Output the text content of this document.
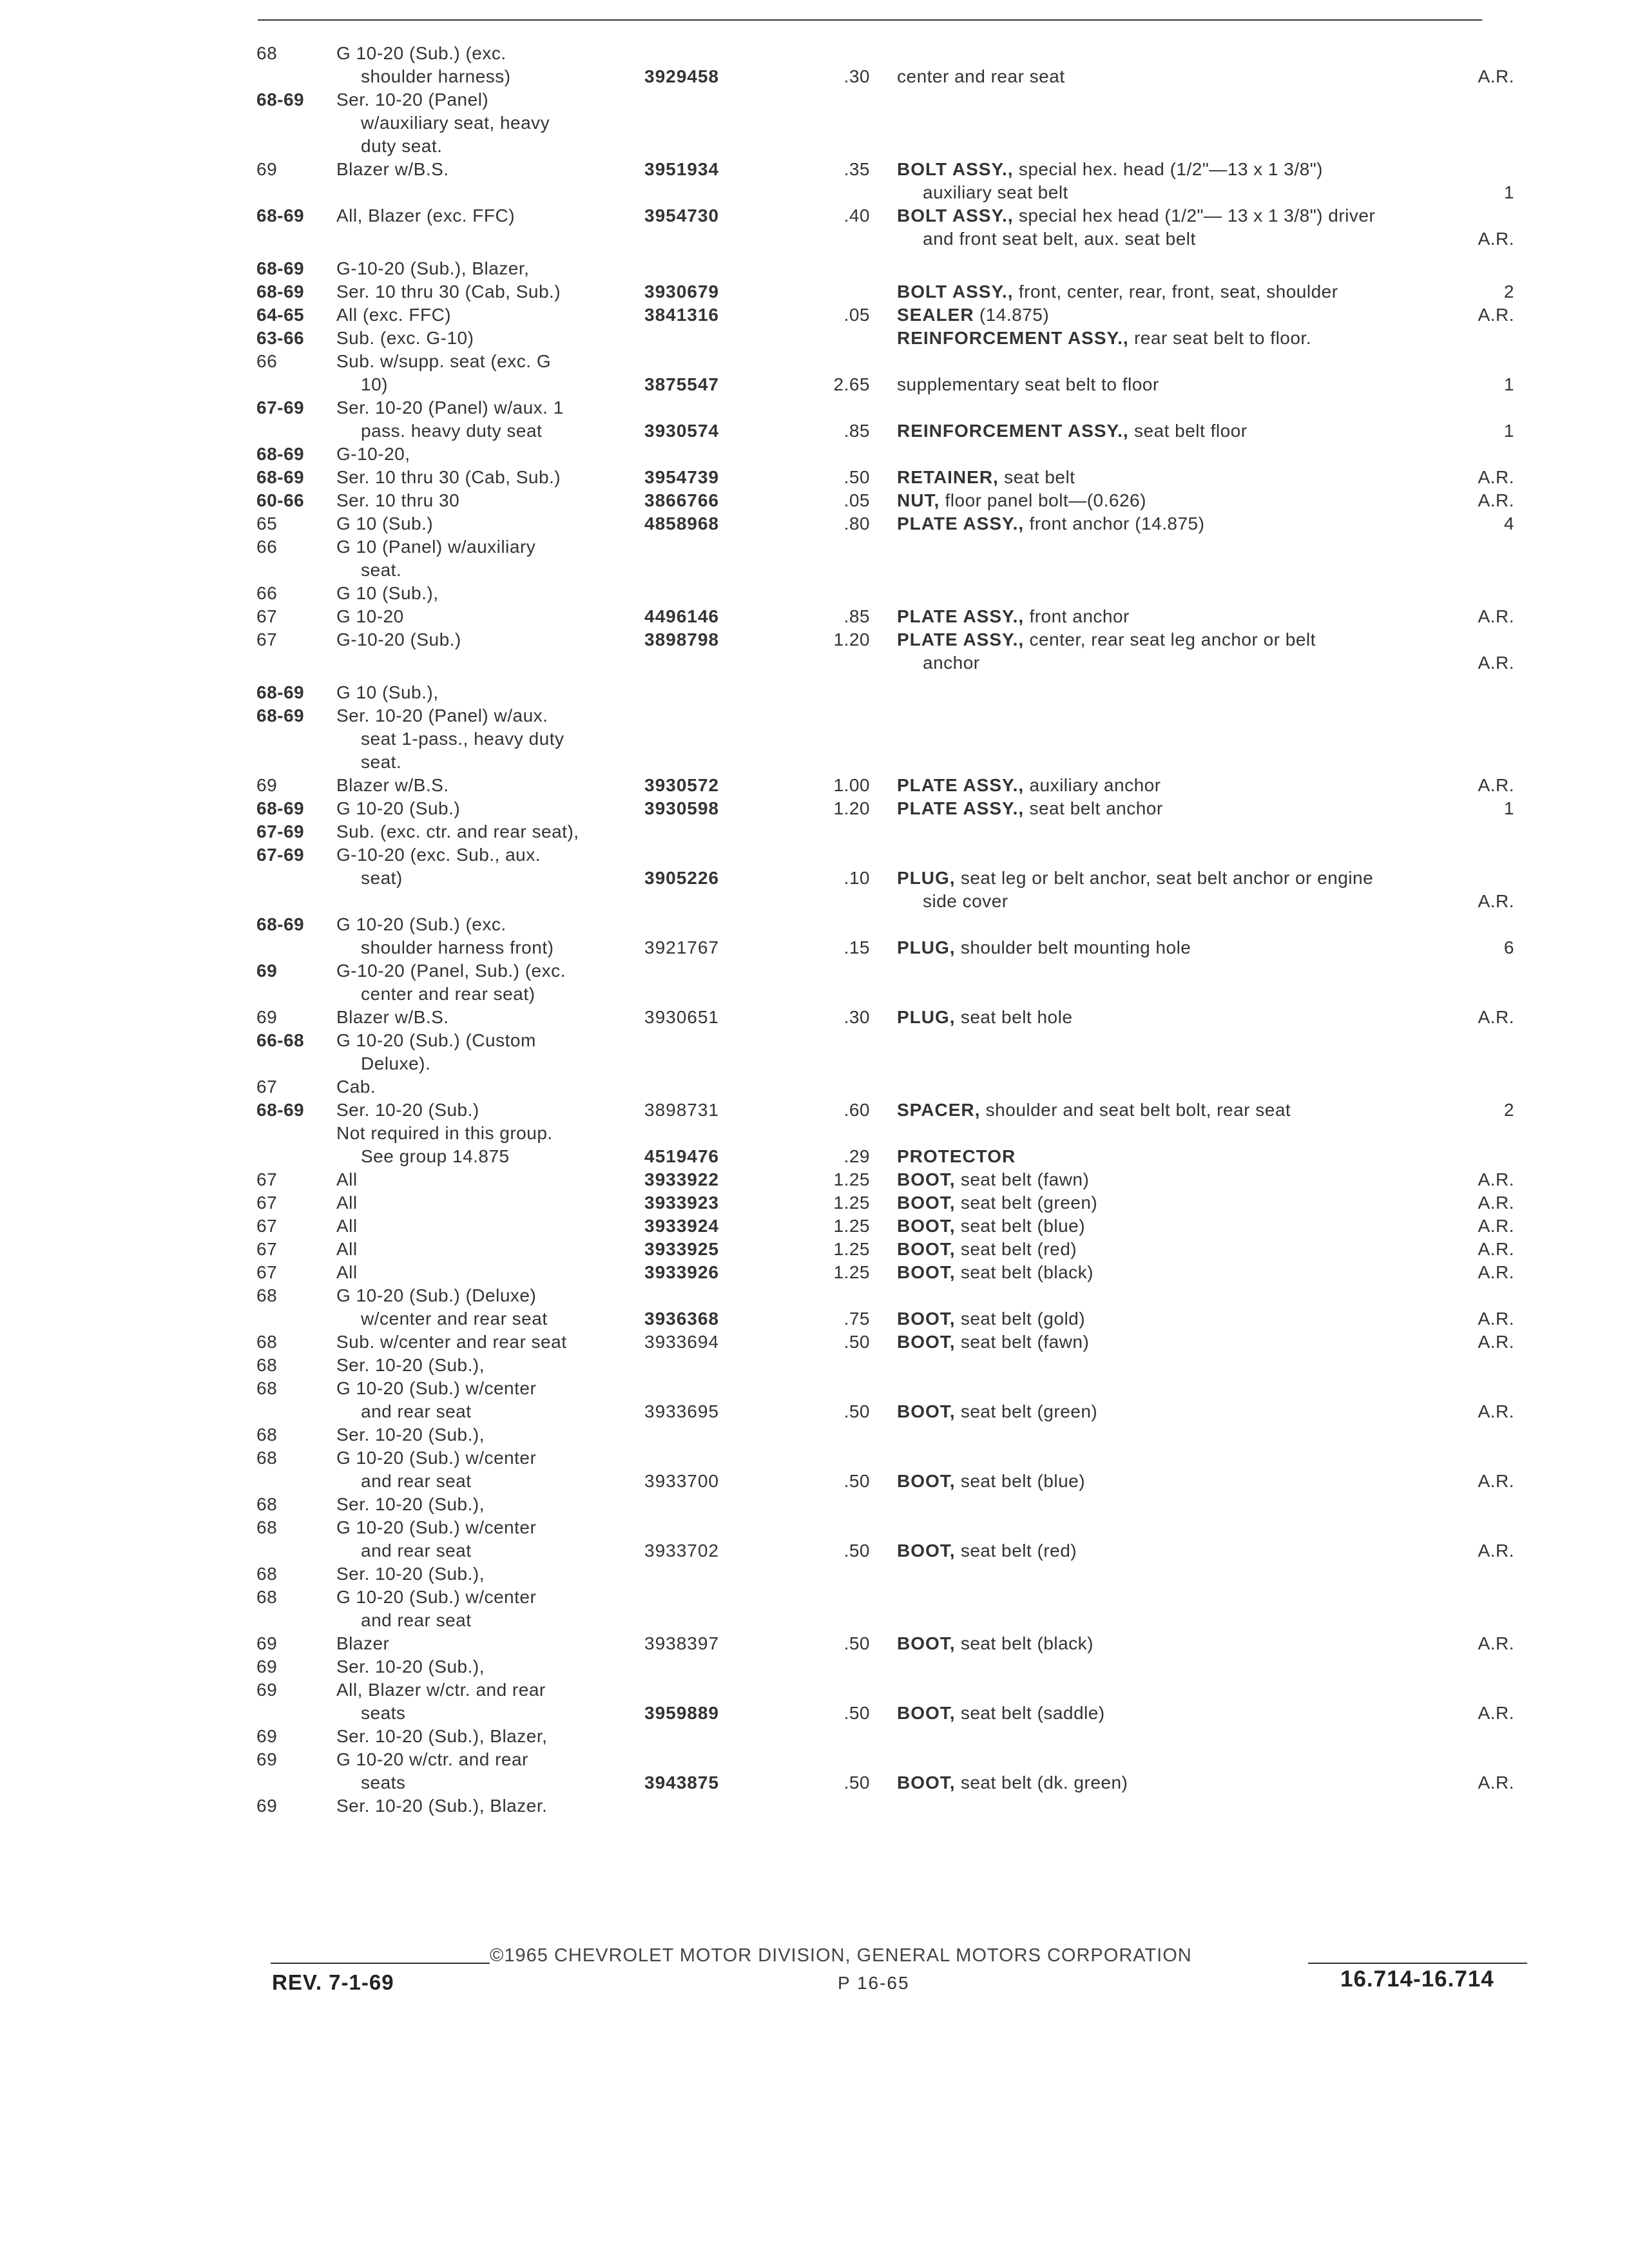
68	G 10-20 (Sub.) (exc.
shoulder harness)	3929458	.30 center and rear seat	A.R.
68-69 Ser. 10-20 (Panel)
w/auxiliary seat, heavy
duty seat.
69	Blazer w/B.S.	3951934	.35 BOLT ASSY., special hex. head (1/2"—13 x 1 3/8")
auxiliary seat belt	1
68-69 All, Blazer (exc. FFC)	3954730	.40 BOLT ASSY., special hex head (1/2"— 13 x 1 3/8") driver
and front seat belt, aux. seat belt	A.R.
68-69 G-10-20 (Sub.), Blazer,
68-69 Ser. 10 thru 30 (Cab, Sub.)	3930679	BOLT ASSY., front, center, rear, front, seat, shoulder	2
64-65 All (exc. FFC)	3841316	.05 SEALER (14.875)	A.R.
63-66 Sub. (exc. G-10)	REINFORCEMENT ASSY., rear seat belt to floor.
66	Sub. w/supp. seat (exc. G
10)	3875547	2.65 supplementary seat belt to floor	1
67-69 Ser. 10-20 (Panel) w/aux. 1
pass. heavy duty seat	3930574	.85 REINFORCEMENT ASSY., seat belt floor	1
68-69 G-10-20,
68-69 Ser. 10 thru 30 (Cab, Sub.)	3954739	.50 RETAINER, seat belt	A.R.
60-66 Ser. 10 thru 30	3866766	.05 NUT, floor panel bolt—(0.626)	A.R.
65	G 10 (Sub.)	4858968	.80 PLATE ASSY., front anchor (14.875)	4
66	G 10 (Panel) w/auxiliary
seat.
66	G 10 (Sub.),
67	G 10-20	4496146	.85 PLATE ASSY., front anchor	A.R.
67	G-10-20 (Sub.)	3898798	1.20 PLATE ASSY., center, rear seat leg anchor or belt
anchor	A.R.
68-69 G 10 (Sub.),
68-69 Ser. 10-20 (Panel) w/aux.
seat 1-pass., heavy duty
seat.
69	Blazer w/B.S.	3930572	1.00 PLATE ASSY., auxiliary anchor	A.R.
68-69 G 10-20 (Sub.)	3930598	1.20 PLATE ASSY., seat belt anchor	1
67-69 Sub. (exc. ctr. and rear seat),
67-69 G-10-20 (exc. Sub., aux.
seat)	3905226	.10 PLUG, seat leg or belt anchor, seat belt anchor or engine
side cover	A.R.
68-69 G 10-20 (Sub.) (exc.
shoulder harness front)	3921767	.15 PLUG, shoulder belt mounting hole	6
69	G-10-20 (Panel, Sub.) (exc.
center and rear seat)
69	Blazer w/B.S.	3930651	.30 PLUG, seat belt hole	A.R.
66-68 G 10-20 (Sub.) (Custom
Deluxe).
67	Cab.
68-69 Ser. 10-20 (Sub.)	3898731	.60 SPACER, shoulder and seat belt bolt, rear seat	2
Not required in this group.
See group 14.875	4519476	.29 PROTECTOR
67	All	3933922	1.25 BOOT, seat belt (fawn)	A.R.
67	All	3933923	1.25 BOOT, seat belt (green)	A.R.
67	All	3933924	1.25 BOOT, seat belt (blue)	A.R.
67	All	3933925	1.25 BOOT, seat belt (red)	A.R.
67	All	3933926	1.25 BOOT, seat belt (black)	A.R.
68	G 10-20 (Sub.) (Deluxe)
w/center and rear seat	3936368	.75 BOOT, seat belt (gold)	A.R.
68	Sub. w/center and rear seat	3933694	.50 BOOT, seat belt (fawn)	A.R.
68	Ser. 10-20 (Sub.),
68	G 10-20 (Sub.) w/center
and rear seat	3933695	.50 BOOT, seat belt (green)	A.R.
68	Ser. 10-20 (Sub.),
68	G 10-20 (Sub.) w/center
and rear seat	3933700	.50 BOOT, seat belt (blue)	A.R.
68	Ser. 10-20 (Sub.),
68	G 10-20 (Sub.) w/center
and rear seat	3933702	.50 BOOT, seat belt (red)	A.R.
68	Ser. 10-20 (Sub.),
68	G 10-20 (Sub.) w/center
and rear seat
69	Blazer	3938397	.50 BOOT, seat belt (black)	A.R.
69	Ser. 10-20 (Sub.),
69	All, Blazer w/ctr. and rear
seats	3959889	.50 BOOT, seat belt (saddle)	A.R.
69	Ser. 10-20 (Sub.), Blazer,
69	G 10-20 w/ctr. and rear
seats	3943875	.50 BOOT, seat belt (dk. green)	A.R.
69	Ser. 10-20 (Sub.), Blazer.
©1965 CHEVROLET MOTOR DIVISION, GENERAL MOTORS CORPORATION
REV. 7-1-69	P 16-65	16.714-16.714
